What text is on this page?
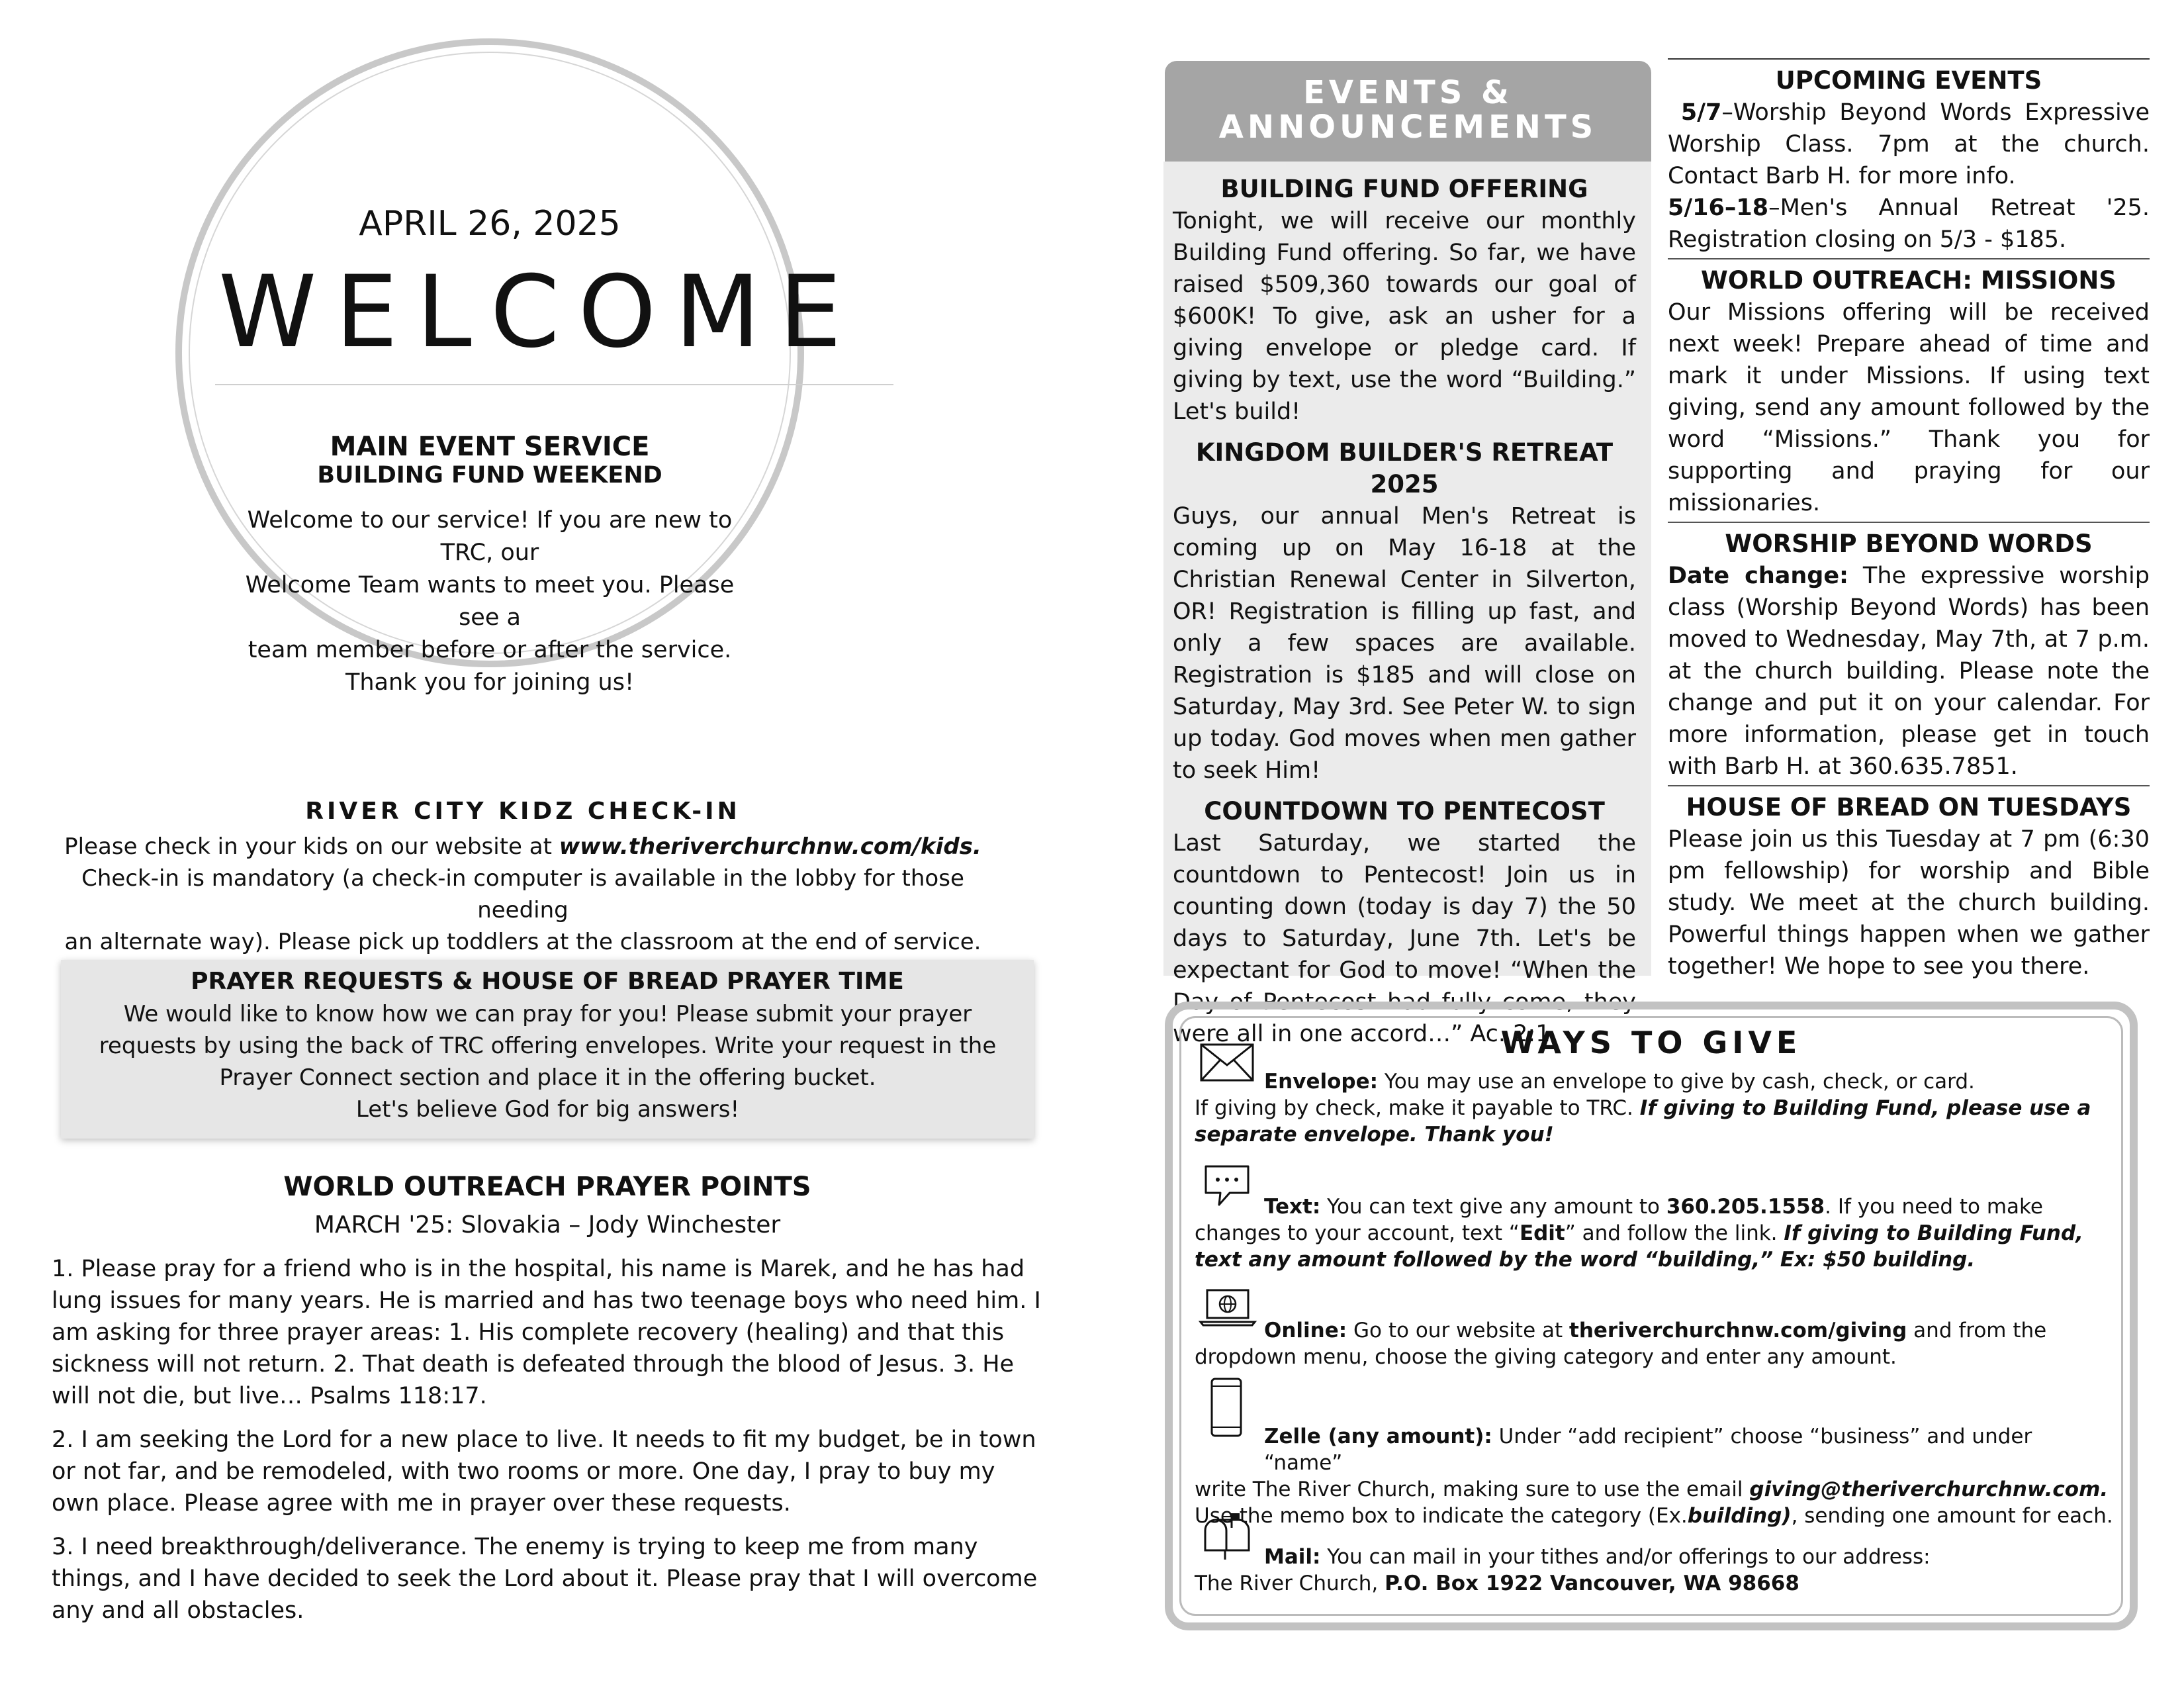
APRIL 26, 2025
WELCOME
MAIN EVENT SERVICE
BUILDING FUND WEEKEND
Welcome to our service! If you are new to TRC, our
Welcome Team wants to meet you. Please see a
team member before or after the service.
Thank you for joining us!
RIVER CITY KIDZ CHECK-IN
Please check in your kids on our website at www.theriverchurchnw.com/kids.
Check-in is mandatory (a check-in computer is available in the lobby for those needing
an alternate way). Please pick up toddlers at the classroom at the end of service.
PRAYER REQUESTS & HOUSE OF BREAD PRAYER TIME
We would like to know how we can pray for you! Please submit your prayer
requests by using the back of TRC offering envelopes. Write your request in the
Prayer Connect section and place it in the offering bucket.
Let's believe God for big answers!
WORLD OUTREACH PRAYER POINTS
MARCH '25: Slovakia – Jody Winchester

1. Please pray for a friend who is in the hospital, his name is Marek, and he has had lung issues for many years. He is married and has two teenage boys who need him. I am asking for three prayer areas: 1. His complete recovery (healing) and that this sickness will not return. 2. That death is defeated through the blood of Jesus. 3. He will not die, but live… Psalms 118:17.

2. I am seeking the Lord for a new place to live. It needs to fit my budget, be in town or not far, and be remodeled, with two rooms or more. One day, I pray to buy my own place. Please agree with me in prayer over these requests.

3. I need breakthrough/deliverance. The enemy is trying to keep me from many things, and I have decided to seek the Lord about it. Please pray that I will overcome any and all obstacles.

EVENTS &
ANNOUNCEMENTS
BUILDING FUND OFFERING
Tonight, we will receive our monthly Building Fund offering. So far, we have raised $509,360 towards our goal of $600K! To give, ask an usher for a giving envelope or pledge card. If giving by text, use the word “Building.” Let's build!
KINGDOM BUILDER'S RETREAT 2025
Guys, our annual Men's Retreat is coming up on May 16-18 at the Christian Renewal Center in Silverton, OR! Registration is filling up fast, and only a few spaces are available. Registration is $185 and will close on Saturday, May 3rd. See Peter W. to sign up today. God moves when men gather to seek Him!
COUNTDOWN TO PENTECOST
Last Saturday, we started the countdown to Pentecost! Join us in counting down (today is day 7) the 50 days to Saturday, June 7th. Let's be expectant for God to move! “When the Day of Pentecost had fully come, they were all in one accord…” Ac. 2:1
UPCOMING EVENTS
5/7–Worship Beyond Words Expressive Worship Class. 7pm at the church. Contact Barb H. for more info.
5/16–18–Men's Annual Retreat '25. Registration closing on 5/3 - $185.
WORLD OUTREACH: MISSIONS
Our Missions offering will be received next week! Prepare ahead of time and mark it under Missions. If using text giving, send any amount followed by the word “Missions.” Thank you for supporting and praying for our missionaries.
WORSHIP BEYOND WORDS
Date change: The expressive worship class (Worship Beyond Words) has been moved to Wednesday, May 7th, at 7 p.m. at the church building. Please note the change and put it on your calendar. For more information, please get in touch with Barb H. at 360.635.7851.
HOUSE OF BREAD ON TUESDAYS
Please join us this Tuesday at 7 pm (6:30 pm fellowship) for worship and Bible study. We meet at the church building. Powerful things happen when we gather together! We hope to see you there.
WAYS TO GIVE
Envelope: You may use an envelope to give by cash, check, or card.
If giving by check, make it payable to TRC. If giving to Building Fund, please use a separate envelope. Thank you!
Text: You can text give any amount to 360.205.1558. If you need to make
changes to your account, text “Edit” and follow the link. If giving to Building Fund, text any amount followed by the word “building,” Ex: $50 building.
Online: Go to our website at theriverchurchnw.com/giving and from the
dropdown menu, choose the giving category and enter any amount.
Zelle (any amount): Under “add recipient” choose “business” and under “name”
write The River Church, making sure to use the email giving@theriverchurchnw.com.
Use the memo box to indicate the category (Ex.building), sending one amount for each.
Mail: You can mail in your tithes and/or offerings to our address:
The River Church, P.O. Box 1922 Vancouver, WA 98668
